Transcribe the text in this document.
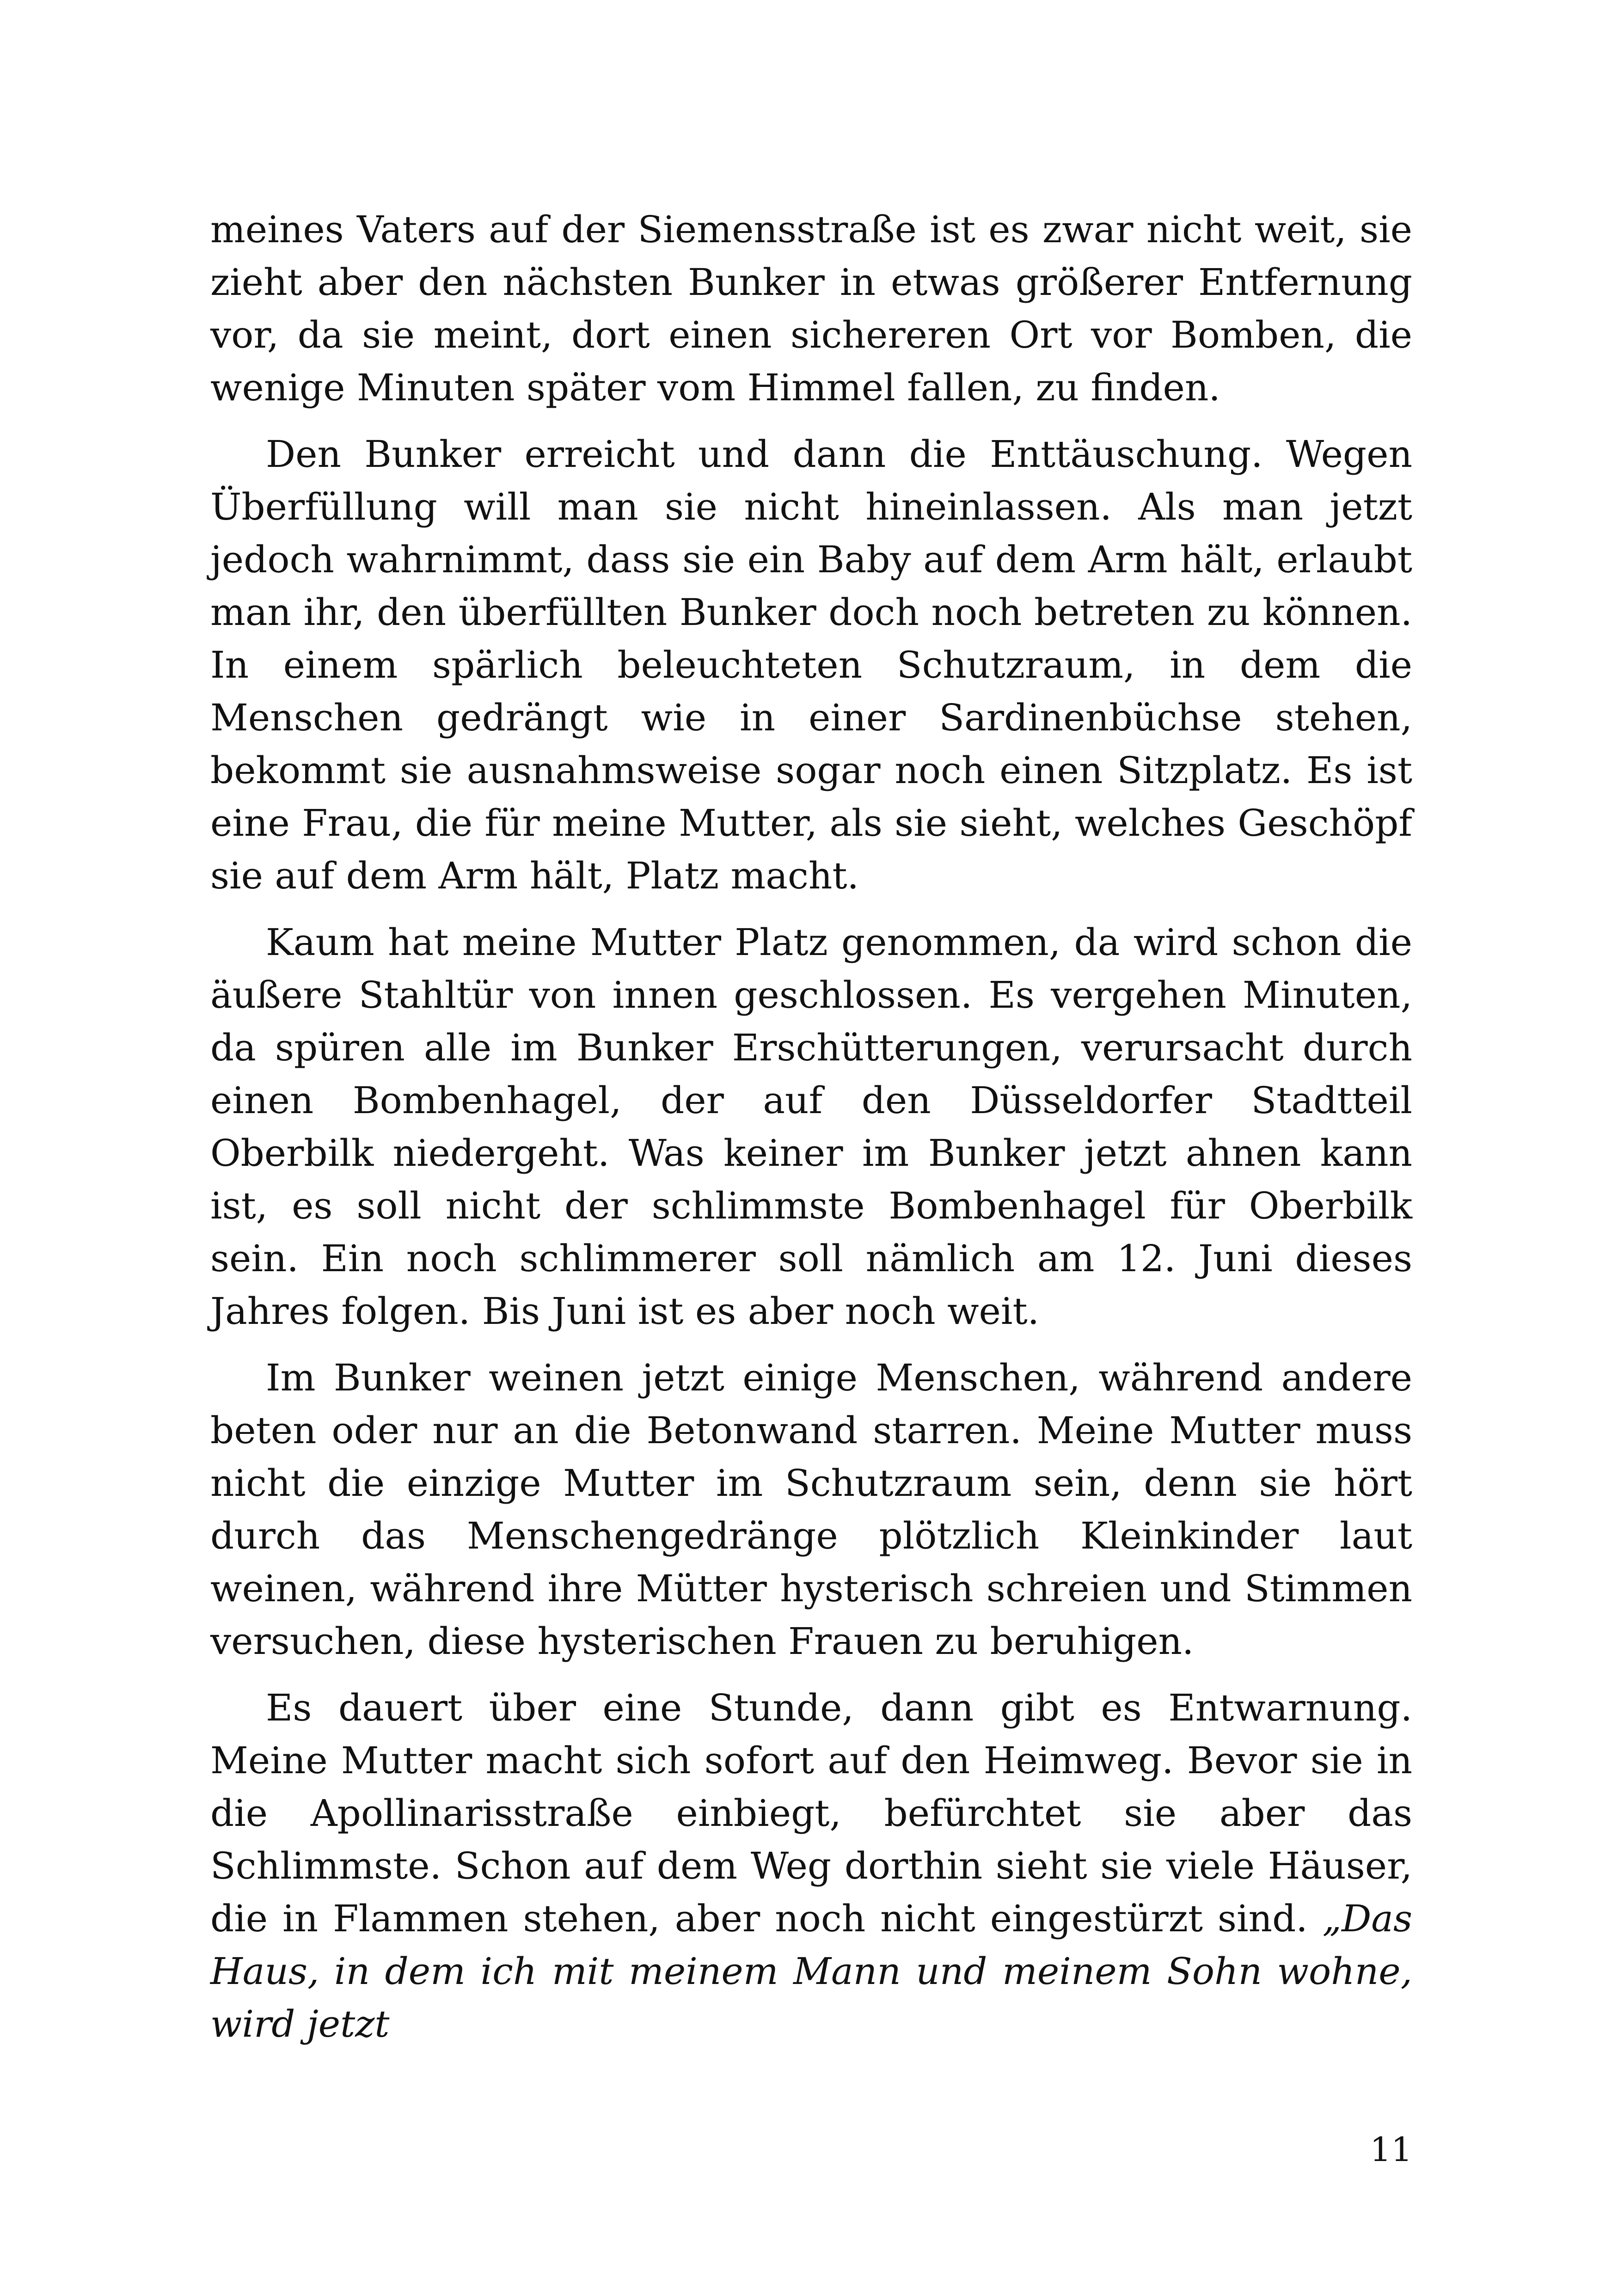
meines Vaters auf der Siemensstraße ist es zwar nicht weit, sie zieht aber den nächsten Bunker in etwas größerer Entfernung vor, da sie meint, dort einen sichereren Ort vor Bomben, die wenige Minuten später vom Himmel fallen, zu finden.

Den Bunker erreicht und dann die Enttäuschung. Wegen Überfüllung will man sie nicht hineinlassen. Als man jetzt jedoch wahrnimmt, dass sie ein Baby auf dem Arm hält, erlaubt man ihr, den überfüllten Bunker doch noch betreten zu können. In einem spärlich beleuchteten Schutzraum, in dem die Menschen gedrängt wie in einer Sardinenbüchse stehen, bekommt sie ausnahmsweise sogar noch einen Sitzplatz. Es ist eine Frau, die für meine Mutter, als sie sieht, welches Geschöpf sie auf dem Arm hält, Platz macht.

Kaum hat meine Mutter Platz genommen, da wird schon die äußere Stahltür von innen geschlossen. Es vergehen Minuten, da spüren alle im Bunker Erschütterungen, verursacht durch einen Bombenhagel, der auf den Düsseldorfer Stadtteil Oberbilk niedergeht. Was keiner im Bunker jetzt ahnen kann ist, es soll nicht der schlimmste Bombenhagel für Oberbilk sein. Ein noch schlimmerer soll nämlich am 12. Juni dieses Jahres folgen. Bis Juni ist es aber noch weit.

Im Bunker weinen jetzt einige Menschen, während andere beten oder nur an die Betonwand starren. Meine Mutter muss nicht die einzige Mutter im Schutzraum sein, denn sie hört durch das Menschengedränge plötzlich Kleinkinder laut weinen, während ihre Mütter hysterisch schreien und Stimmen versuchen, diese hysterischen Frauen zu beruhigen.

Es dauert über eine Stunde, dann gibt es Entwarnung. Meine Mutter macht sich sofort auf den Heimweg. Bevor sie in die Apollinarisstraße einbiegt, befürchtet sie aber das Schlimmste. Schon auf dem Weg dorthin sieht sie viele Häuser, die in Flammen stehen, aber noch nicht eingestürzt sind. „Das Haus, in dem ich mit meinem Mann und meinem Sohn wohne, wird jetzt

11
